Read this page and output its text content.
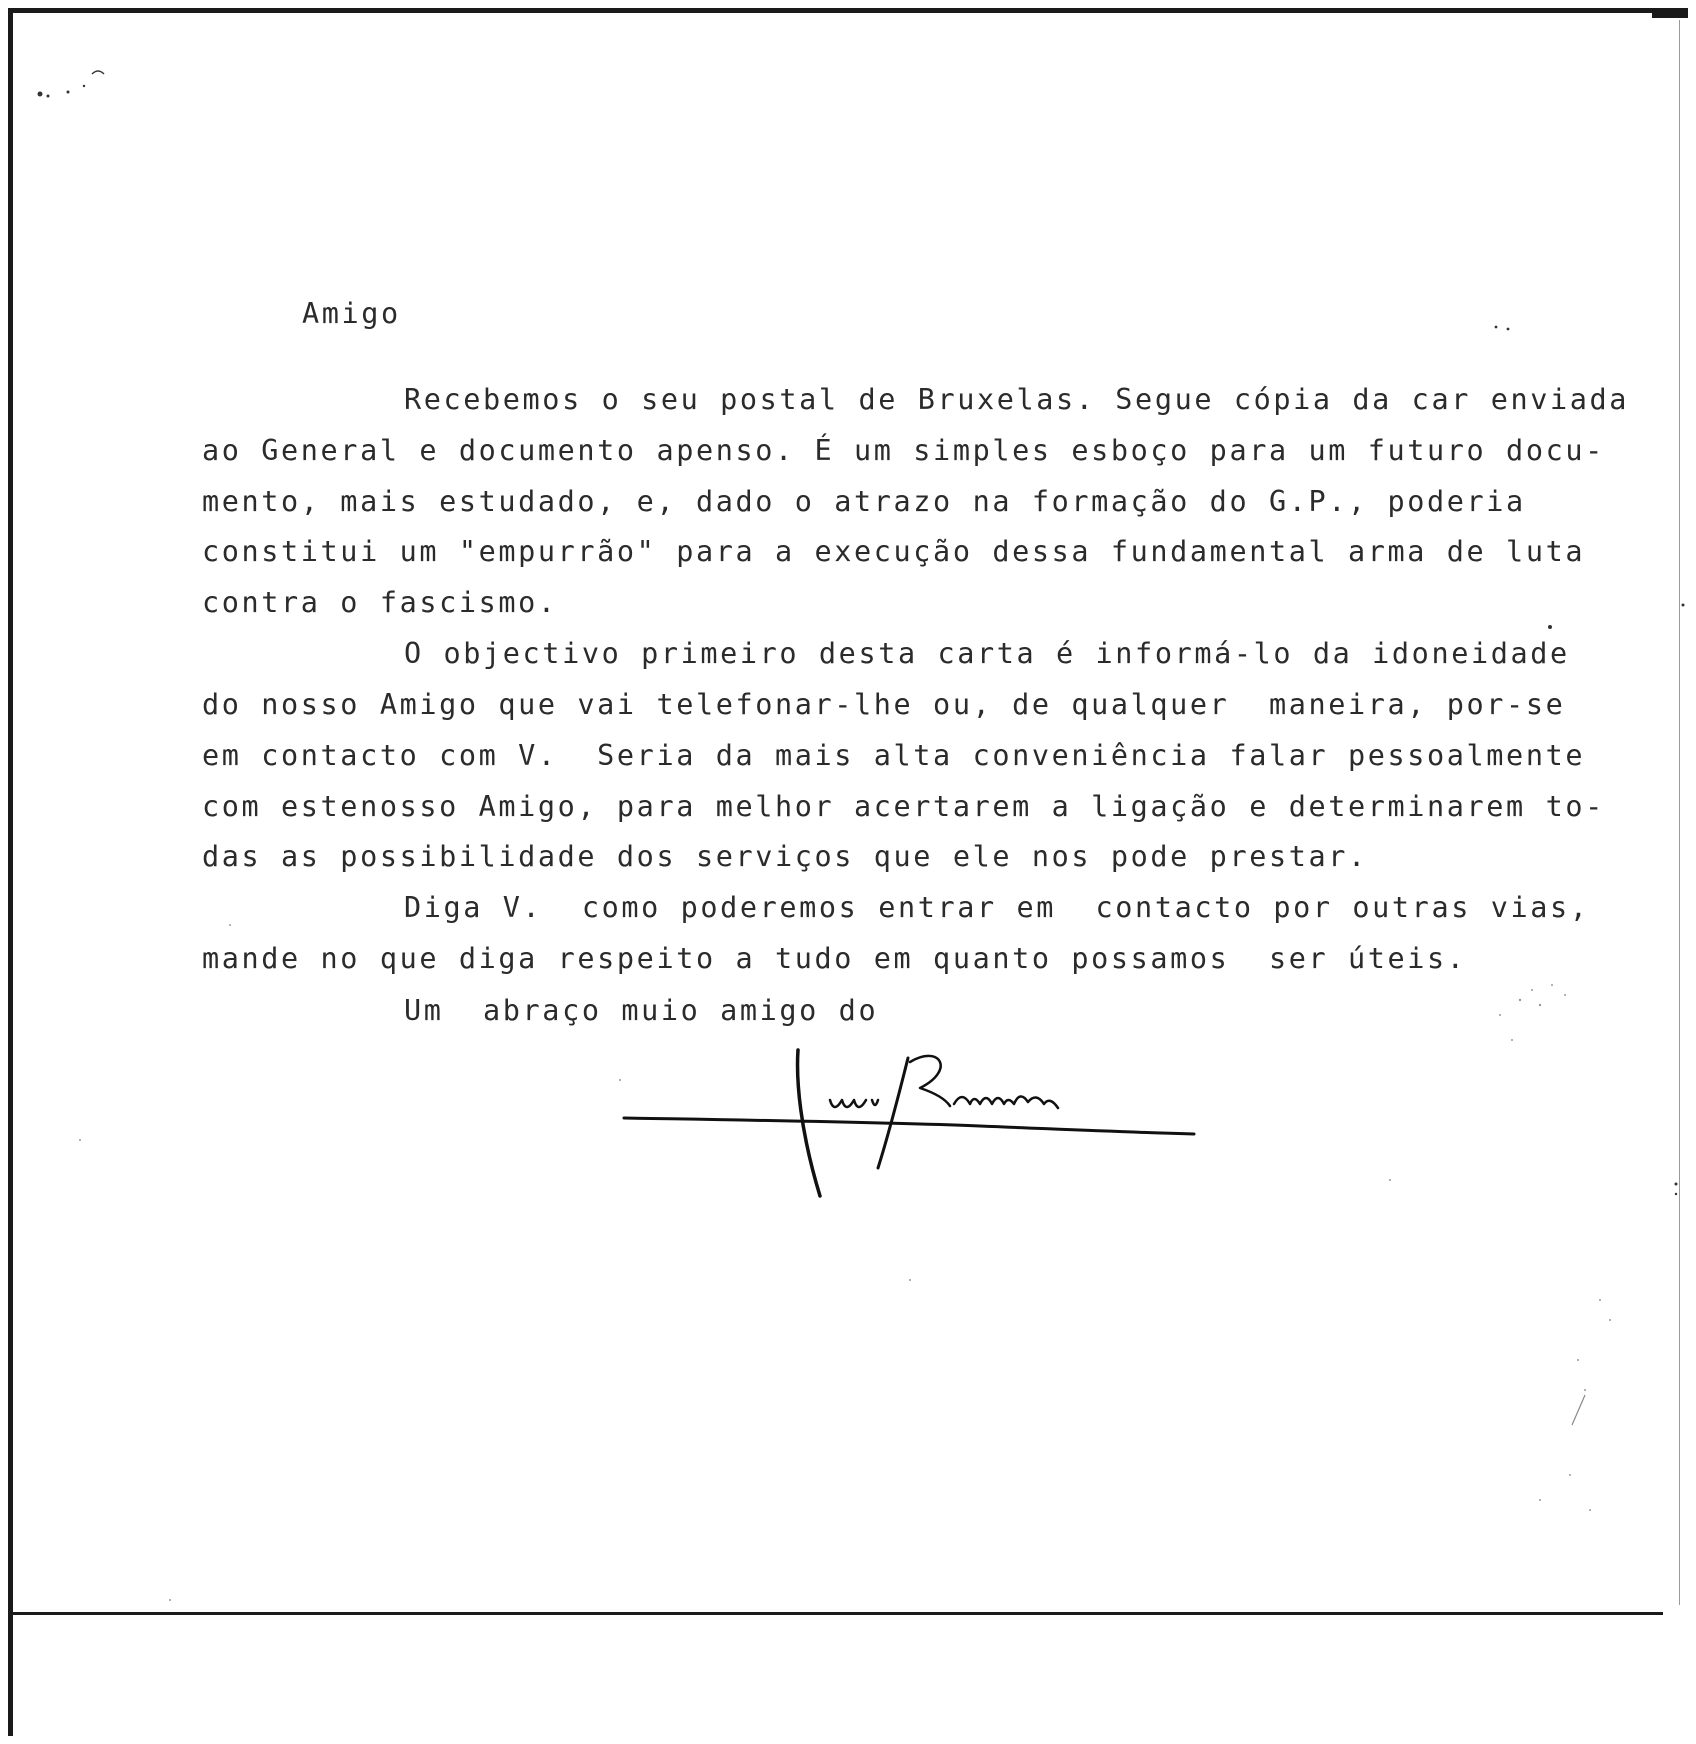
Amigo
Recebemos o seu postal de Bruxelas. Segue cópia da car enviada
ao General e documento apenso. É um simples esboço para um futuro docu-
mento, mais estudado, e, dado o atrazo na formação do G.P., poderia
constitui um "empurrão" para a execução dessa fundamental arma de luta
contra o fascismo.
O objectivo primeiro desta carta é informá-lo da idoneidade
do nosso Amigo que vai telefonar-lhe ou, de qualquer  maneira, por-se
em contacto com V.  Seria da mais alta conveniência falar pessoalmente
com estenosso Amigo, para melhor acertarem a ligação e determinarem to-
das as possibilidade dos serviços que ele nos pode prestar.
Diga V.  como poderemos entrar em  contacto por outras vias,
mande no que diga respeito a tudo em quanto possamos  ser úteis.
Um  abraço muio amigo do
